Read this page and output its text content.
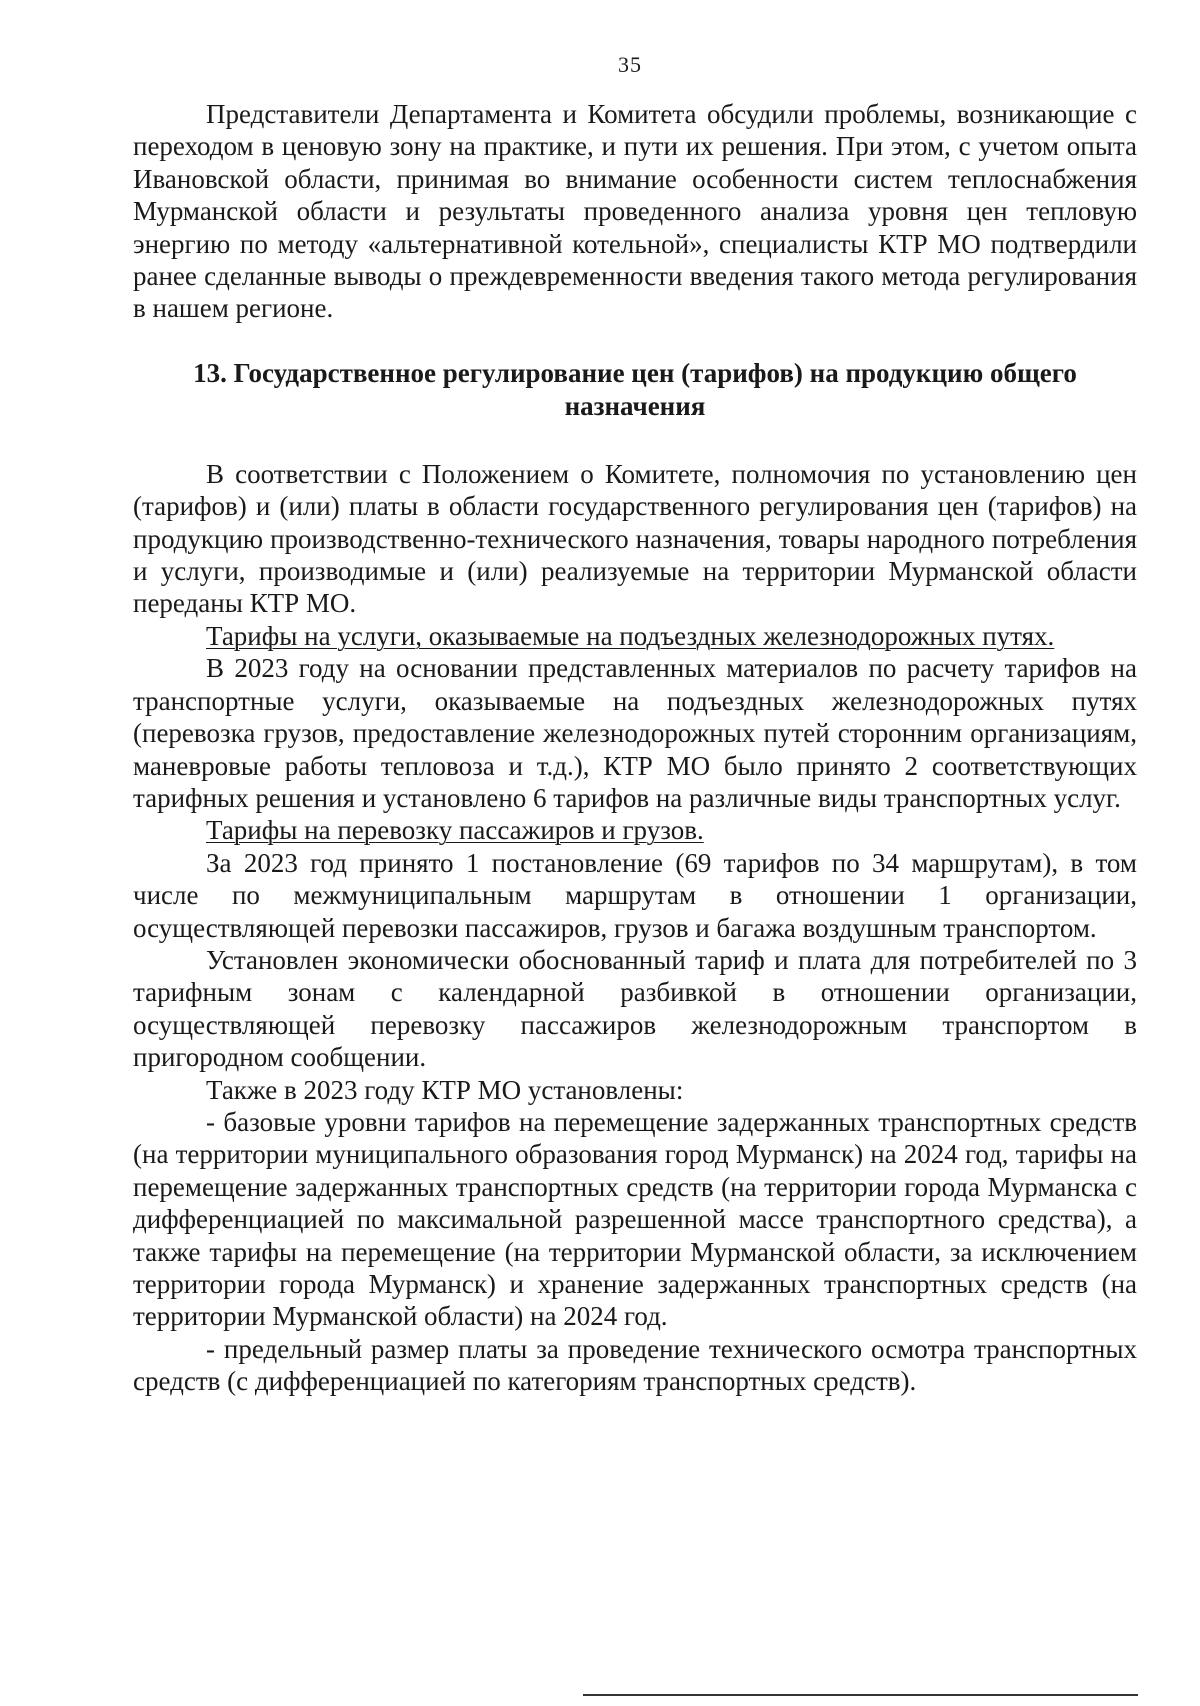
35

Представители Департамента и Комитета обсудили проблемы, возникающие с переходом в ценовую зону на практике, и пути их решения. При этом, с учетом опыта Ивановской области, принимая во внимание особенности систем теплоснабжения Мурманской области и результаты проведенного анализа уровня цен тепловую энергию по методу «альтернативной котельной», специалисты КТР МО подтвердили ранее сделанные выводы о преждевременности введения такого метода регулирования в нашем регионе.

13. Государственное регулирование цен (тарифов) на продукцию общего назначения

В соответствии с Положением о Комитете, полномочия по установлению цен (тарифов) и (или) платы в области государственного регулирования цен (тарифов) на продукцию производственно-технического назначения, товары народного потребления и услуги, производимые и (или) реализуемые на территории Мурманской области переданы КТР МО.

Тарифы на услуги, оказываемые на подъездных железнодорожных путях.

В 2023 году на основании представленных материалов по расчету тарифов на транспортные услуги, оказываемые на подъездных железнодорожных путях (перевозка грузов, предоставление железнодорожных путей сторонним организациям, маневровые работы тепловоза и т.д.), КТР МО было принято 2 соответствующих тарифных решения и установлено 6 тарифов на различные виды транспортных услуг.

Тарифы на перевозку пассажиров и грузов.

За 2023 год принято 1 постановление (69 тарифов по 34 маршрутам), в том числе по межмуниципальным маршрутам в отношении 1 организации, осуществляющей перевозки пассажиров, грузов и багажа воздушным транспортом.

Установлен экономически обоснованный тариф и плата для потребителей по 3 тарифным зонам с календарной разбивкой в отношении организации, осуществляющей перевозку пассажиров железнодорожным транспортом в пригородном сообщении.

Также в 2023 году КТР МО установлены:

- базовые уровни тарифов на перемещение задержанных транспортных средств (на территории муниципального образования город Мурманск) на 2024 год, тарифы на перемещение задержанных транспортных средств (на территории города Мурманска с дифференциацией по максимальной разрешенной массе транспортного средства), а также тарифы на перемещение (на территории Мурманской области, за исключением территории города Мурманск) и хранение задержанных транспортных средств (на территории Мурманской области) на 2024 год.

- предельный размер платы за проведение технического осмотра транспортных средств (с дифференциацией по категориям транспортных средств).
